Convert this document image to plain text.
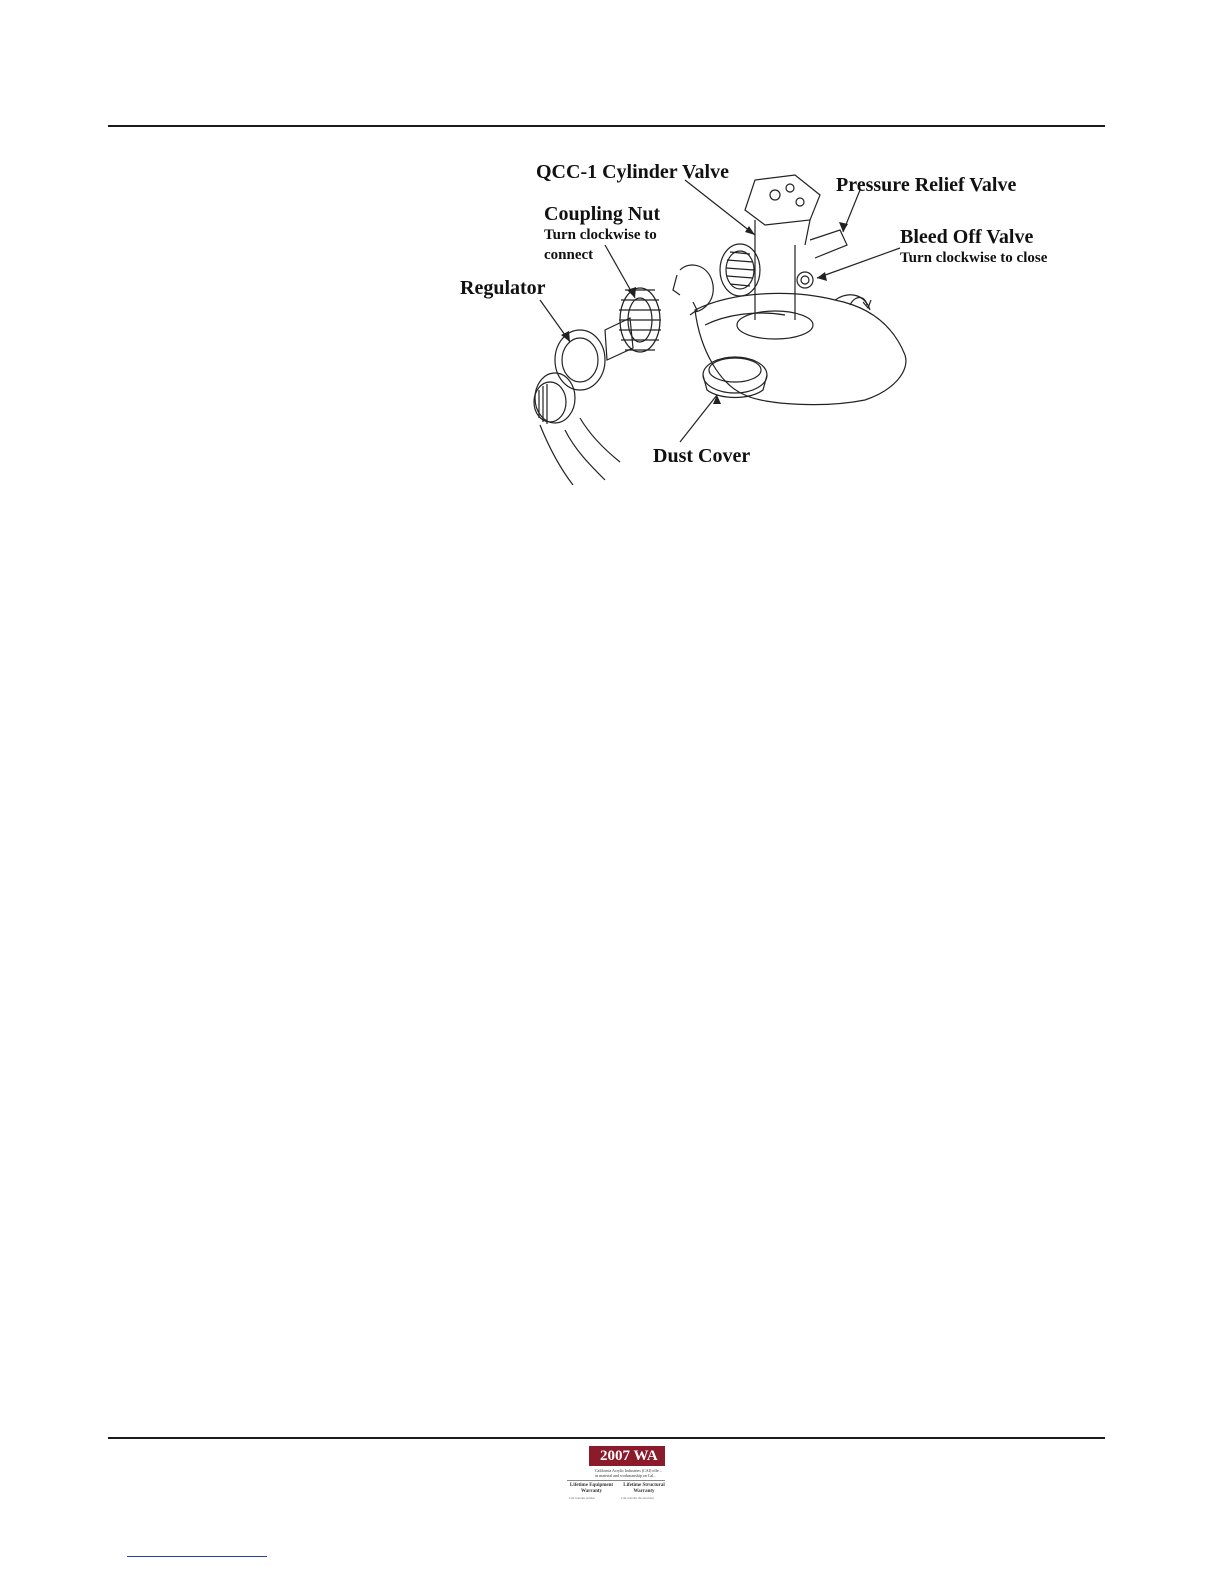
QCC-1 Cylinder Valve
Pressure Relief Valve
Coupling Nut
Turn clockwise to
connect
Bleed Off Valve
Turn clockwise to close
Regulator
Dust Cover
2007 WA
California Acrylic Industries (CAI) offe... in material and workmanship on Cal...
Lifetime Equipment Warranty
Lifetime Structural Warranty
CAI warrants normal	CAI warrants the structural
